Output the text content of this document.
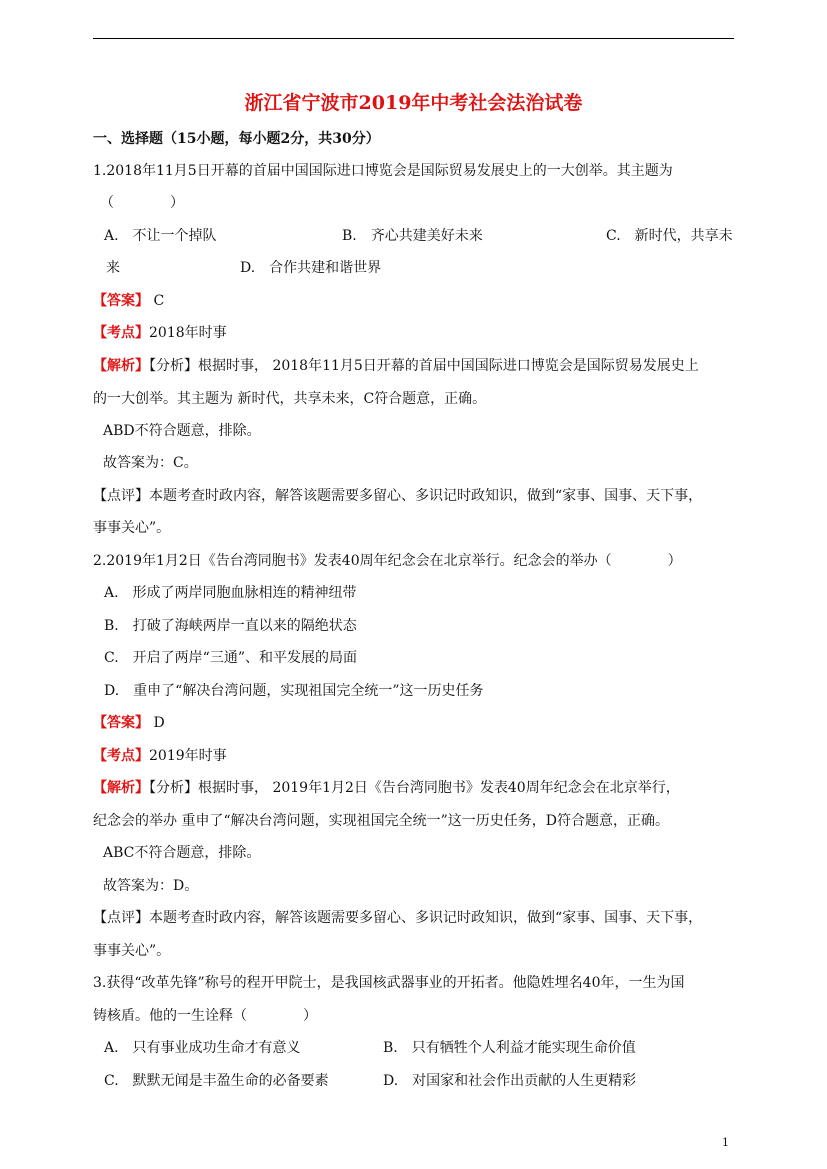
浙江省宁波市2019年中考社会法治试卷
一、选择题（15小题，每小题2分，共30分）
1.2018年11月5日开幕的首届中国国际进口博览会是国际贸易发展史上的一大创举。其主题为
（　　　　）
A.　不让一个掉队	B.　齐心共建美好未来	C.　新时代，共享未
来	D.　合作共建和谐世界
【答案】 C
【考点】2018年时事
【解析】【分析】根据时事， 2018年11月5日开幕的首届中国国际进口博览会是国际贸易发展史上
的一大创举。其主题为 新时代，共享未来，C符合题意，正确。
ABD不符合题意，排除。
故答案为：C。
【点评】本题考查时政内容，解答该题需要多留心、多识记时政知识，做到“家事、国事、天下事，
事事关心”。
2.2019年1月2日《告台湾同胞书》发表40周年纪念会在北京举行。纪念会的举办（　　　　）
A.　形成了两岸同胞血脉相连的精神纽带
B.　打破了海峡两岸一直以来的隔绝状态
C.　开启了两岸“三通”、和平发展的局面
D.　重申了“解决台湾问题，实现祖国完全统一”这一历史任务
【答案】 D
【考点】2019年时事
【解析】【分析】根据时事， 2019年1月2日《告台湾同胞书》发表40周年纪念会在北京举行，
纪念会的举办 重申了“解决台湾问题，实现祖国完全统一”这一历史任务，D符合题意，正确。
ABC不符合题意，排除。
故答案为：D。
【点评】本题考查时政内容，解答该题需要多留心、多识记时政知识，做到“家事、国事、天下事，
事事关心”。
3.获得“改革先锋”称号的程开甲院士，是我国核武器事业的开拓者。他隐姓埋名40年，一生为国
铸核盾。他的一生诠释（　　　　）
A.　只有事业成功生命才有意义	B.　只有牺牲个人利益才能实现生命价值
C.　默默无闻是丰盈生命的必备要素	D.　对国家和社会作出贡献的人生更精彩
1
